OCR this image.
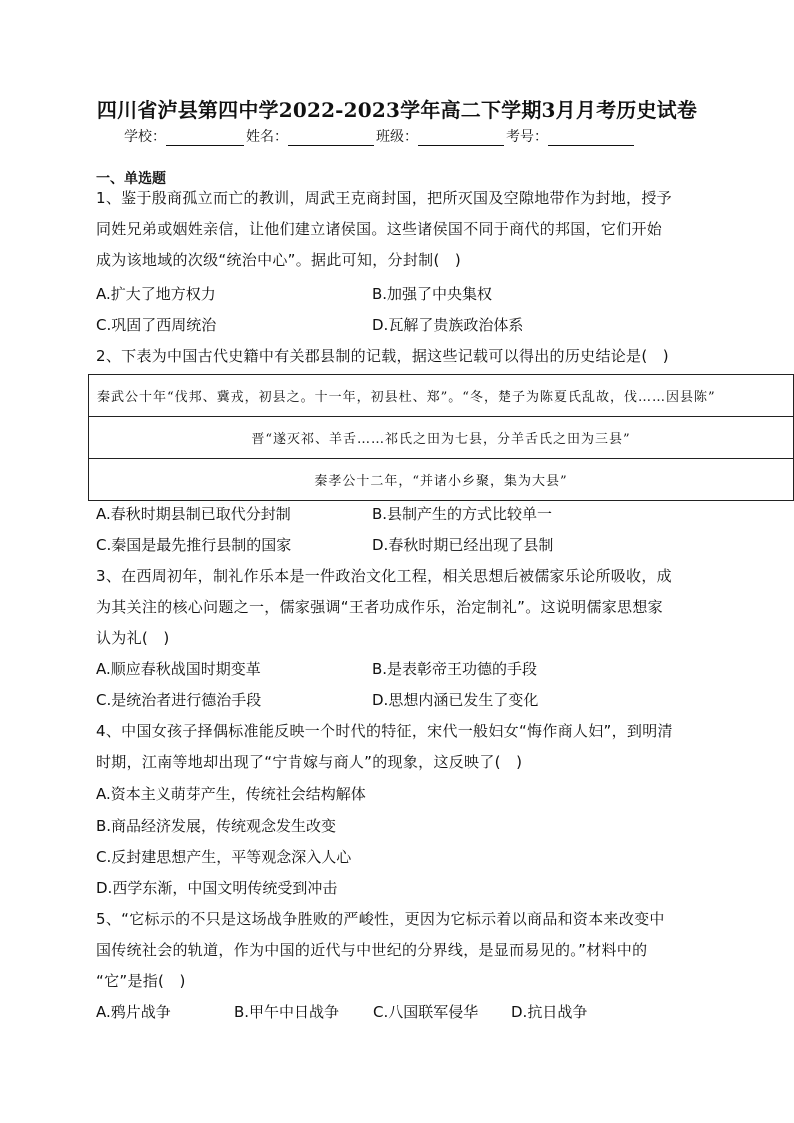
四川省泸县第四中学2022-2023学年高二下学期3月月考历史试卷
学校：	姓名：	班级：	考号：
一、单选题
1、鉴于殷商孤立而亡的教训，周武王克商封国，把所灭国及空隙地带作为封地，授予
同姓兄弟或姻姓亲信，让他们建立诸侯国。这些诸侯国不同于商代的邦国，它们开始
成为该地域的次级“统治中心”。据此可知，分封制(　)
A.扩大了地方权力	B.加强了中央集权
C.巩固了西周统治	D.瓦解了贵族政治体系
2、下表为中国古代史籍中有关郡县制的记载，据这些记载可以得出的历史结论是(　)
秦武公十年“伐邦、冀戎，初县之。十一年，初县杜、郑”。“冬，楚子为陈夏氏乱故，伐……因县陈”
晋“遂灭祁、羊舌……祁氏之田为七县，分羊舌氏之田为三县”
秦孝公十二年，“并诸小乡聚，集为大县”
A.春秋时期县制已取代分封制	B.县制产生的方式比较单一
C.秦国是最先推行县制的国家	D.春秋时期已经出现了县制
3、在西周初年，制礼作乐本是一件政治文化工程，相关思想后被儒家乐论所吸收，成
为其关注的核心问题之一，儒家强调“王者功成作乐，治定制礼”。这说明儒家思想家
认为礼(　)
A.顺应春秋战国时期变革	B.是表彰帝王功德的手段
C.是统治者进行德治手段	D.思想内涵已发生了变化
4、中国女孩子择偶标准能反映一个时代的特征，宋代一般妇女“悔作商人妇”，到明清
时期，江南等地却出现了“宁肯嫁与商人”的现象，这反映了(　)
A.资本主义萌芽产生，传统社会结构解体
B.商品经济发展，传统观念发生改变
C.反封建思想产生，平等观念深入人心
D.西学东渐，中国文明传统受到冲击
5、“它标示的不只是这场战争胜败的严峻性，更因为它标示着以商品和资本来改变中
国传统社会的轨道，作为中国的近代与中世纪的分界线，是显而易见的。”材料中的
“它”是指(　)
A.鸦片战争	B.甲午中日战争 C.八国联军侵华 D.抗日战争
